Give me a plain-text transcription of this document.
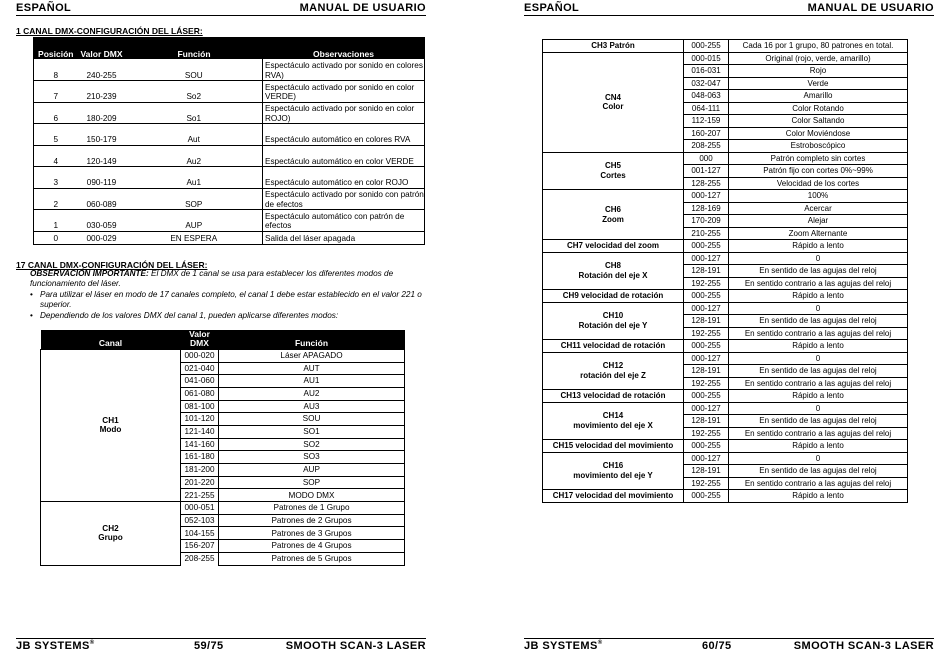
ESPAÑOL	MANUAL DE USUARIO
1 CANAL DMX-CONFIGURACIÓN DEL LÁSER:
Posición	Valor DMX	Función	Observaciones
8	240-255	SOU	Espectáculo activado por sonido en colores RVA)
7	210-239	So2	Espectáculo activado por sonido en color VERDE)
6	180-209	So1	Espectáculo activado por sonido en color ROJO)
5	150-179	Aut	Espectáculo automático en colores RVA
4	120-149	Au2	Espectáculo automático en color VERDE
3	090-119	Au1	Espectáculo automático en color ROJO
2	060-089	SOP	Espectáculo activado por sonido con patrón de efectos
1	030-059	AUP	Espectáculo automático con patrón de efectos
0	000-029	EN ESPERA	Salida del láser apagada
17 CANAL DMX-CONFIGURACIÓN DEL LÁSER:
OBSERVACIÓN IMPORTANTE: El DMX de 1 canal se usa para establecer los diferentes modos de funcionamiento del láser.
• Para utilizar el láser en modo de 17 canales completo, el canal 1 debe estar establecido en el valor 221 o superior.
• Dependiendo de los valores DMX del canal 1, pueden aplicarse diferentes modos:
Canal	Valor DMX	Función

CH1
Modo	000-020	Láser APAGADO
	021-040	AUT
	041-060	AU1
	061-080	AU2
	081-100	AU3
	101-120	SOU
	121-140	SO1
	141-160	SO2
	161-180	SO3
	181-200	AUP
	201-220	SOP
	221-255	MODO DMX

CH2
Grupo	000-051	Patrones de 1 Grupo
	052-103	Patrones de 2 Grupos
	104-155	Patrones de 3 Grupos
	156-207	Patrones de 4 Grupos
	208-255	Patrones de 5 Grupos
JB SYSTEMS®	59/75	SMOOTH SCAN-3 LASER
ESPAÑOL	MANUAL DE USUARIO
CH3 Patrón	000-255	Cada 16 por 1 grupo, 80 patrones en total.

CN4
Color	000-015	Original (rojo, verde, amarillo)
	016-031	Rojo
	032-047	Verde
	048-063	Amarillo
	064-111	Color Rotando
	112-159	Color Saltando
	160-207	Color Moviéndose
	208-255	Estroboscópico

CH5
Cortes	000	Patrón completo sin cortes
	001-127	Patrón fijo con cortes 0%~99%
	128-255	Velocidad de los cortes

CH6
Zoom	000-127	100%
	128-169	Acercar
	170-209	Alejar
	210-255	Zoom Alternante

CH7 velocidad del zoom	000-255	Rápido a lento

CH8
Rotación del eje X	000-127	0
	128-191	En sentido de las agujas del reloj
	192-255	En sentido contrario a las agujas del reloj

CH9 velocidad de rotación	000-255	Rápido a lento

CH10
Rotación del eje Y	000-127	0
	128-191	En sentido de las agujas del reloj
	192-255	En sentido contrario a las agujas del reloj

CH11 velocidad de rotación	000-255	Rápido a lento

CH12
rotación del eje Z	000-127	0
	128-191	En sentido de las agujas del reloj
	192-255	En sentido contrario a las agujas del reloj

CH13 velocidad de rotación	000-255	Rápido a lento

CH14
movimiento del eje X	000-127	0
	128-191	En sentido de las agujas del reloj
	192-255	En sentido contrario a las agujas del reloj

CH15 velocidad del movimiento	000-255	Rápido a lento

CH16
movimiento del eje Y	000-127	0
	128-191	En sentido de las agujas del reloj
	192-255	En sentido contrario a las agujas del reloj

CH17 velocidad del movimiento	000-255	Rápido a lento
JB SYSTEMS®	60/75	SMOOTH SCAN-3 LASER
